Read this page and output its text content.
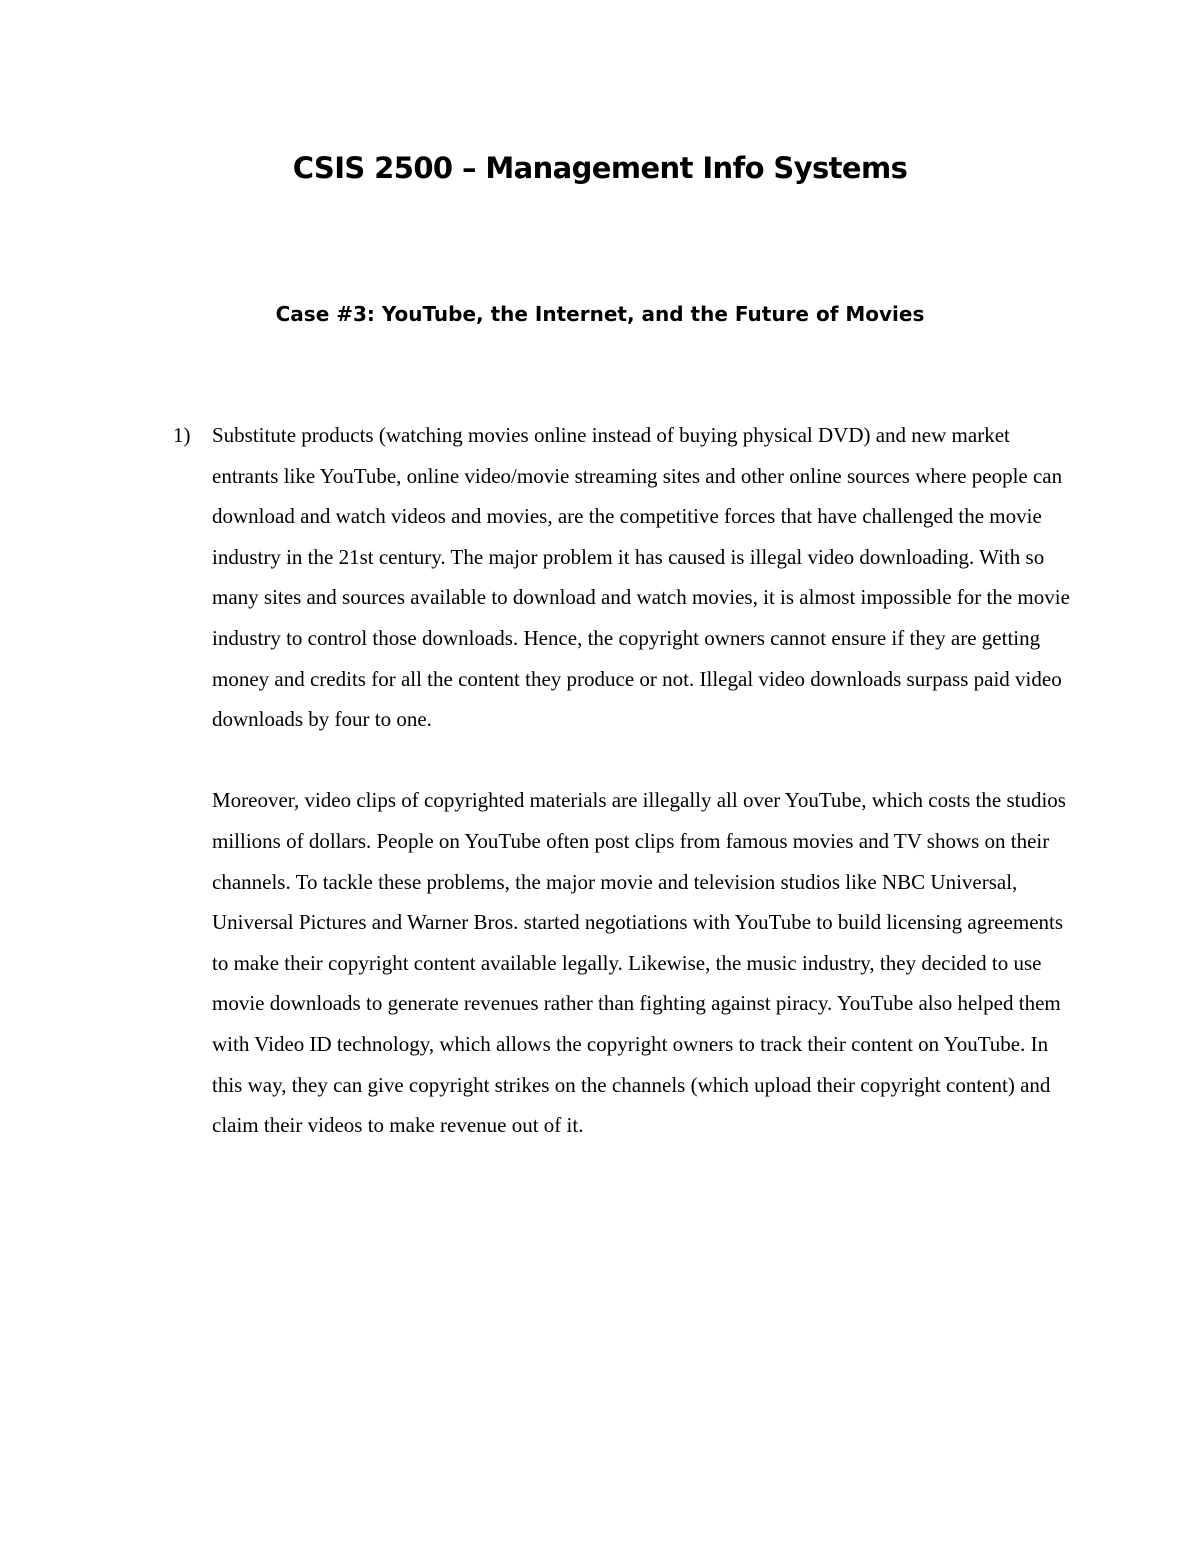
CSIS 2500 – Management Info Systems
Case #3: YouTube, the Internet, and the Future of Movies
1) Substitute products (watching movies online instead of buying physical DVD) and new market entrants like YouTube, online video/movie streaming sites and other online sources where people can download and watch videos and movies, are the competitive forces that have challenged the movie industry in the 21st century. The major problem it has caused is illegal video downloading. With so many sites and sources available to download and watch movies, it is almost impossible for the movie industry to control those downloads. Hence, the copyright owners cannot ensure if they are getting money and credits for all the content they produce or not. Illegal video downloads surpass paid video downloads by four to one.

Moreover, video clips of copyrighted materials are illegally all over YouTube, which costs the studios millions of dollars. People on YouTube often post clips from famous movies and TV shows on their channels. To tackle these problems, the major movie and television studios like NBC Universal, Universal Pictures and Warner Bros. started negotiations with YouTube to build licensing agreements to make their copyright content available legally. Likewise, the music industry, they decided to use movie downloads to generate revenues rather than fighting against piracy. YouTube also helped them with Video ID technology, which allows the copyright owners to track their content on YouTube. In this way, they can give copyright strikes on the channels (which upload their copyright content) and claim their videos to make revenue out of it.
